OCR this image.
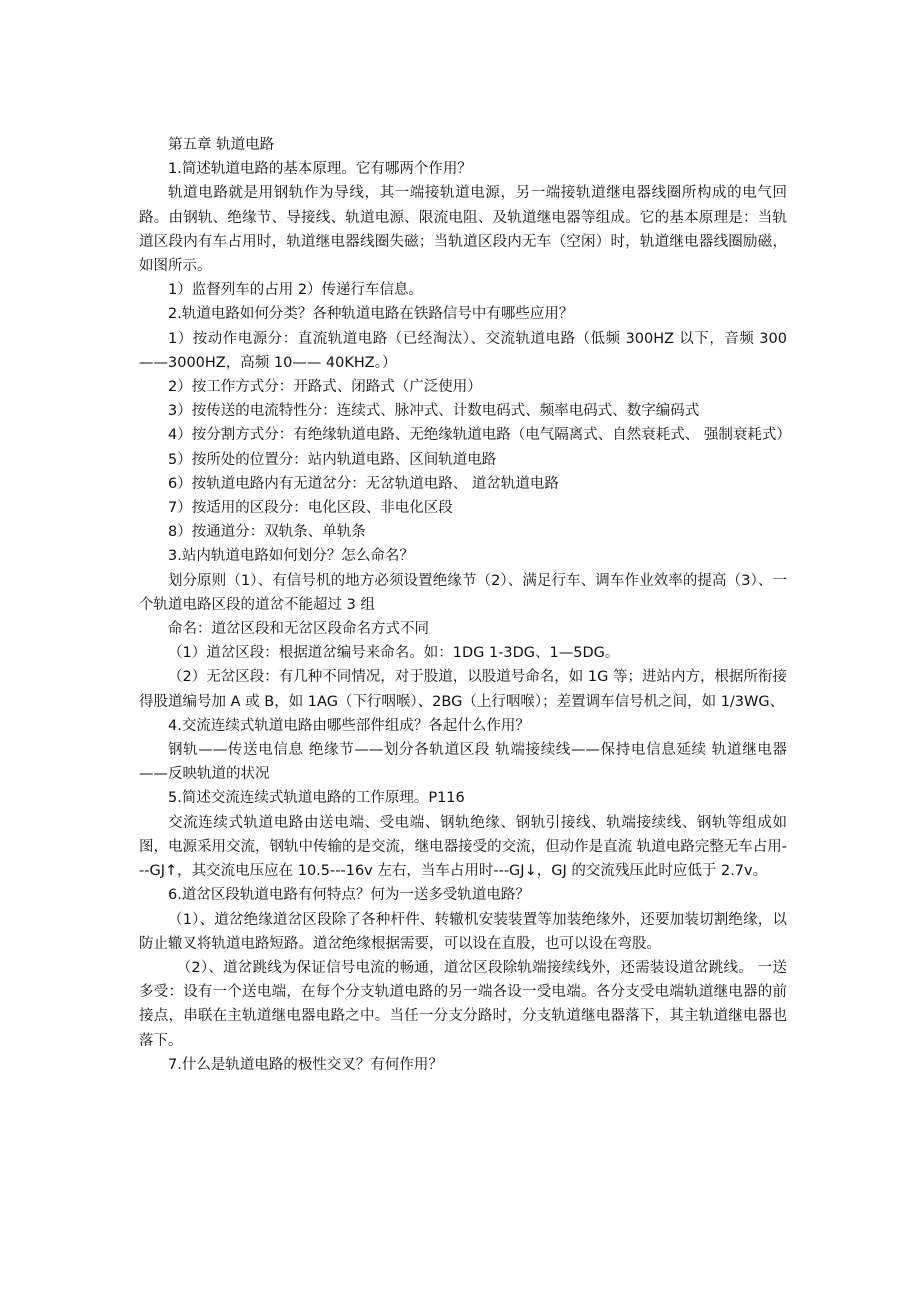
第五章 轨道电路

1.简述轨道电路的基本原理。它有哪两个作用？

轨道电路就是用钢轨作为导线，其一端接轨道电源，另一端接轨道继电器线圈所构成的电气回路。由钢轨、绝缘节、导接线、轨道电源、限流电阻、及轨道继电器等组成。它的基本原理是：当轨道区段内有车占用时，轨道继电器线圈失磁；当轨道区段内无车（空闲）时，轨道继电器线圈励磁，如图所示。

1）监督列车的占用 2）传递行车信息。

2.轨道电路如何分类？各种轨道电路在铁路信号中有哪些应用？

1）按动作电源分：直流轨道电路（已经淘汰）、交流轨道电路（低频 300HZ 以下，音频 300——3000HZ，高频 10—— 40KHZ。）

2）按工作方式分：开路式、闭路式（广泛使用）

3）按传送的电流特性分：连续式、脉冲式、计数电码式、频率电码式、数字编码式

4）按分割方式分：有绝缘轨道电路、无绝缘轨道电路（电气隔离式、自然衰耗式、 强制衰耗式）

5）按所处的位置分：站内轨道电路、区间轨道电路

6）按轨道电路内有无道岔分：无岔轨道电路、 道岔轨道电路

7）按适用的区段分：电化区段、非电化区段

8）按通道分：双轨条、单轨条

3.站内轨道电路如何划分？怎么命名？

划分原则（1）、有信号机的地方必须设置绝缘节（2）、满足行车、调车作业效率的提高（3）、一个轨道电路区段的道岔不能超过 3 组

命名：道岔区段和无岔区段命名方式不同

（1）道岔区段：根据道岔编号来命名。如：1DG 1-3DG、1—5DG。

（2）无岔区段：有几种不同情况，对于股道，以股道号命名，如 1G 等；进站内方，根据所衔接得股道编号加 A 或 B，如 1AG（下行咽喉）、2BG（上行咽喉）；差置调车信号机之间，如 1/3WG、

4.交流连续式轨道电路由哪些部件组成？各起什么作用？

钢轨——传送电信息 绝缘节——划分各轨道区段 轨端接续线——保持电信息延续 轨道继电器——反映轨道的状况

5.简述交流连续式轨道电路的工作原理。P116

交流连续式轨道电路由送电端、受电端、钢轨绝缘、钢轨引接线、轨端接续线、钢轨等组成如图，电源采用交流，钢轨中传输的是交流，继电器接受的交流，但动作是直流 轨道电路完整无车占用---GJ↑，其交流电压应在 10.5---16v 左右，当车占用时---GJ↓，GJ 的交流残压此时应低于 2.7v。

6.道岔区段轨道电路有何特点？何为一送多受轨道电路？

（1）、道岔绝缘道岔区段除了各种杆件、转辙机安装装置等加装绝缘外，还要加装切割绝缘，以防止辙叉将轨道电路短路。道岔绝缘根据需要，可以设在直股，也可以设在弯股。

（2）、道岔跳线为保证信号电流的畅通，道岔区段除轨端接续线外，还需装设道岔跳线。 一送多受：设有一个送电端，在每个分支轨道电路的另一端各设一受电端。各分支受电端轨道继电器的前接点，串联在主轨道继电器电路之中。当任一分支分路时，分支轨道继电器落下，其主轨道继电器也落下。

7.什么是轨道电路的极性交叉？有何作用？
